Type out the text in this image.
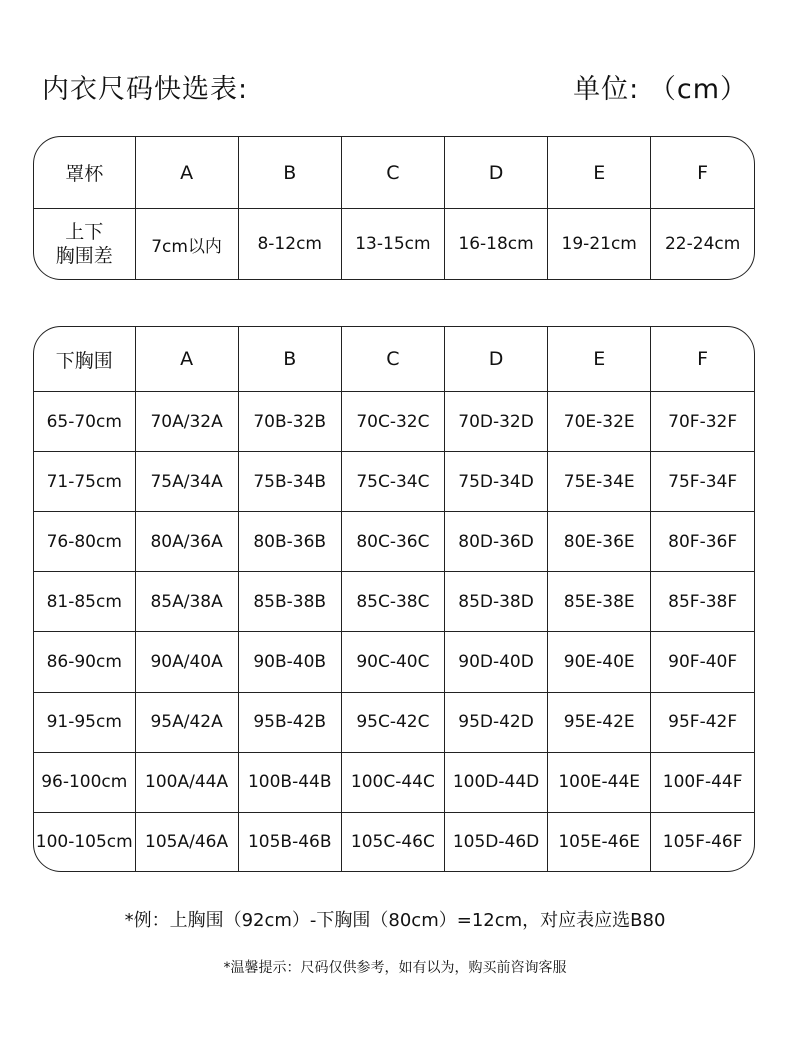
内衣尺码快选表:	单位: （cm）
罩杯	A	B	C	D	E	F

上下
胸围差	7cm以内	8-12cm	13-15cm	16-18cm	19-21cm	22-24cm
下胸围	A	B	C	D	E	F
65-70cm	70A/32A	70B-32B	70C-32C	70D-32D	70E-32E	70F-32F
71-75cm	75A/34A	75B-34B	75C-34C	75D-34D	75E-34E	75F-34F
76-80cm	80A/36A	80B-36B	80C-36C	80D-36D	80E-36E	80F-36F
81-85cm	85A/38A	85B-38B	85C-38C	85D-38D	85E-38E	85F-38F
86-90cm	90A/40A	90B-40B	90C-40C	90D-40D	90E-40E	90F-40F
91-95cm	95A/42A	95B-42B	95C-42C	95D-42D	95E-42E	95F-42F
96-100cm	100A/44A	100B-44B	100C-44C	100D-44D	100E-44E	100F-44F
100-105cm	105A/46A	105B-46B	105C-46C	105D-46D	105E-46E	105F-46F
*例：上胸围（92cm）-下胸围（80cm）=12cm，对应表应选B80
*温馨提示：尺码仅供参考，如有以为，购买前咨询客服
